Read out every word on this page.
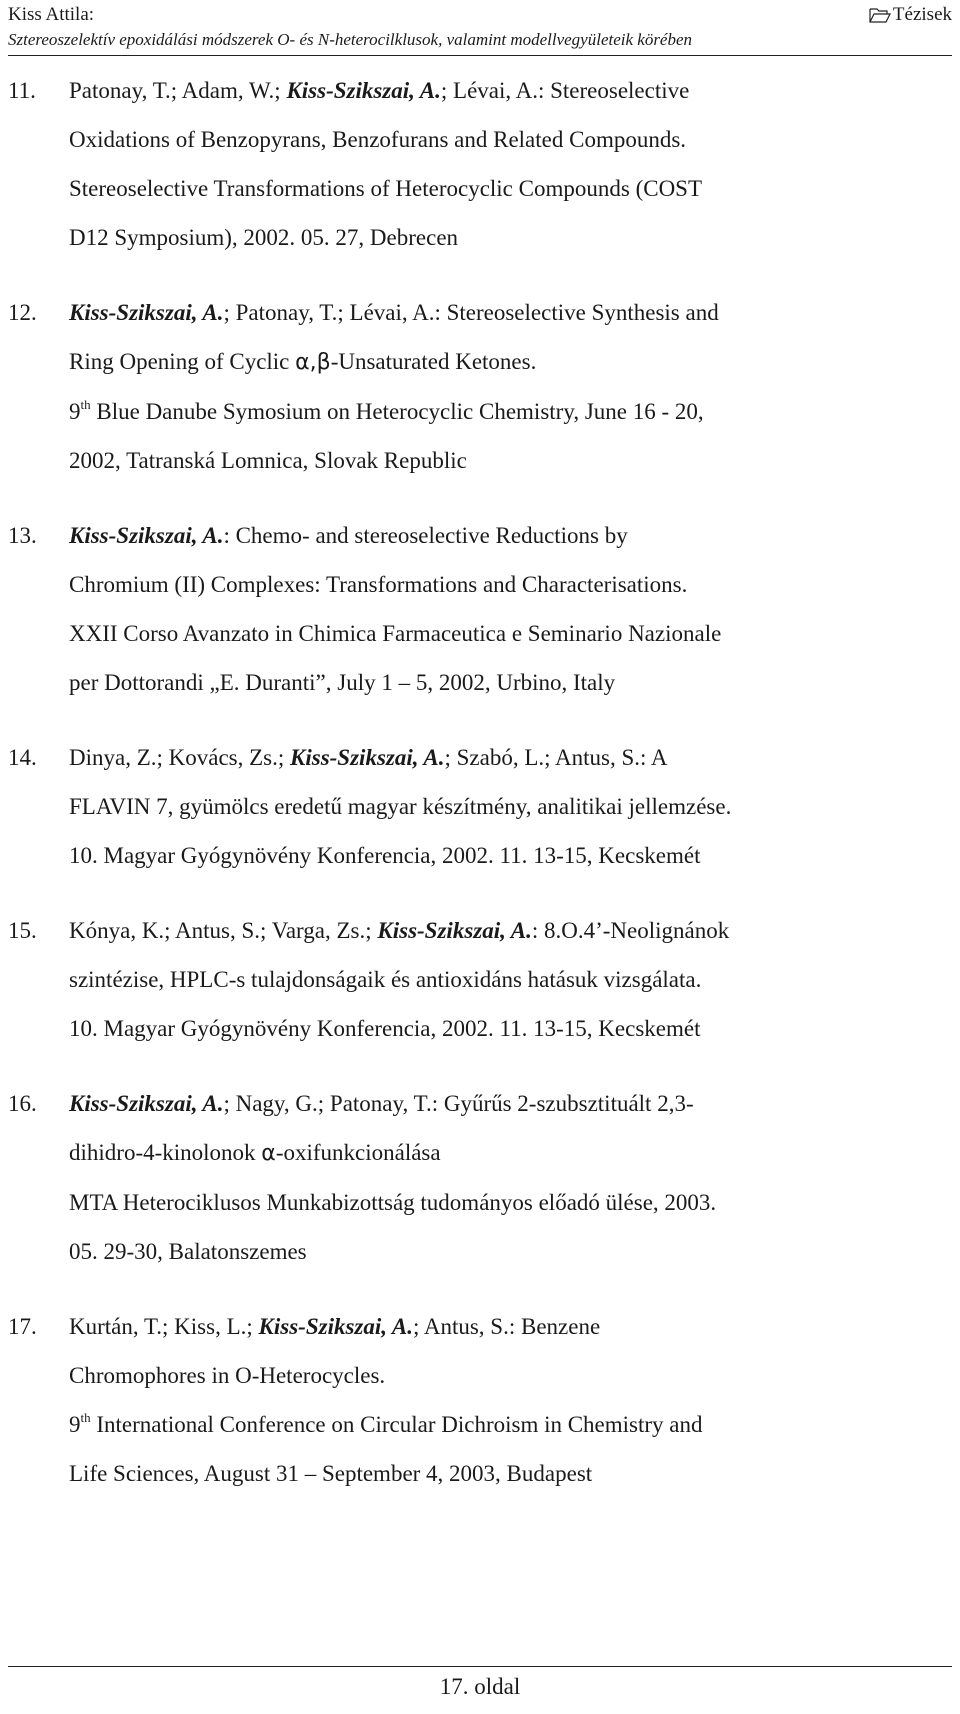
Kiss Attila:
Sztereoszelektív epoxidálási módszerek O- és N-heterocilklusok, valamint modellvegyületeik körében
Tézisek
11. Patonay, T.; Adam, W.; Kiss-Szikszai, A.; Lévai, A.: Stereoselective
Oxidations of Benzopyrans, Benzofurans and Related Compounds.
Stereoselective Transformations of Heterocyclic Compounds (COST
D12 Symposium), 2002. 05. 27, Debrecen
12. Kiss-Szikszai, A.; Patonay, T.; Lévai, A.: Stereoselective Synthesis and
Ring Opening of Cyclic α,β-Unsaturated Ketones.
9th Blue Danube Symosium on Heterocyclic Chemistry, June 16 - 20,
2002, Tatranská Lomnica, Slovak Republic
13. Kiss-Szikszai, A.: Chemo- and stereoselective Reductions by
Chromium (II) Complexes: Transformations and Characterisations.
XXII Corso Avanzato in Chimica Farmaceutica e Seminario Nazionale
per Dottorandi „E. Duranti”, July 1 – 5, 2002, Urbino, Italy
14. Dinya, Z.; Kovács, Zs.; Kiss-Szikszai, A.; Szabó, L.; Antus, S.: A
FLAVIN 7, gyümölcs eredetű magyar készítmény, analitikai jellemzése.
10. Magyar Gyógynövény Konferencia, 2002. 11. 13-15, Kecskemét
15. Kónya, K.; Antus, S.; Varga, Zs.; Kiss-Szikszai, A.: 8.O.4’-Neolignánok
szintézise, HPLC-s tulajdonságaik és antioxidáns hatásuk vizsgálata.
10. Magyar Gyógynövény Konferencia, 2002. 11. 13-15, Kecskemét
16. Kiss-Szikszai, A.; Nagy, G.; Patonay, T.: Gyűrűs 2-szubsztituált 2,3-
dihidro-4-kinolonok α-oxifunkcionálása
MTA Heterociklusos Munkabizottság tudományos előadó ülése, 2003.
05. 29-30, Balatonszemes
17. Kurtán, T.; Kiss, L.; Kiss-Szikszai, A.; Antus, S.: Benzene
Chromophores in O-Heterocycles.
9th International Conference on Circular Dichroism in Chemistry and
Life Sciences, August 31 – September 4, 2003, Budapest
17. oldal
